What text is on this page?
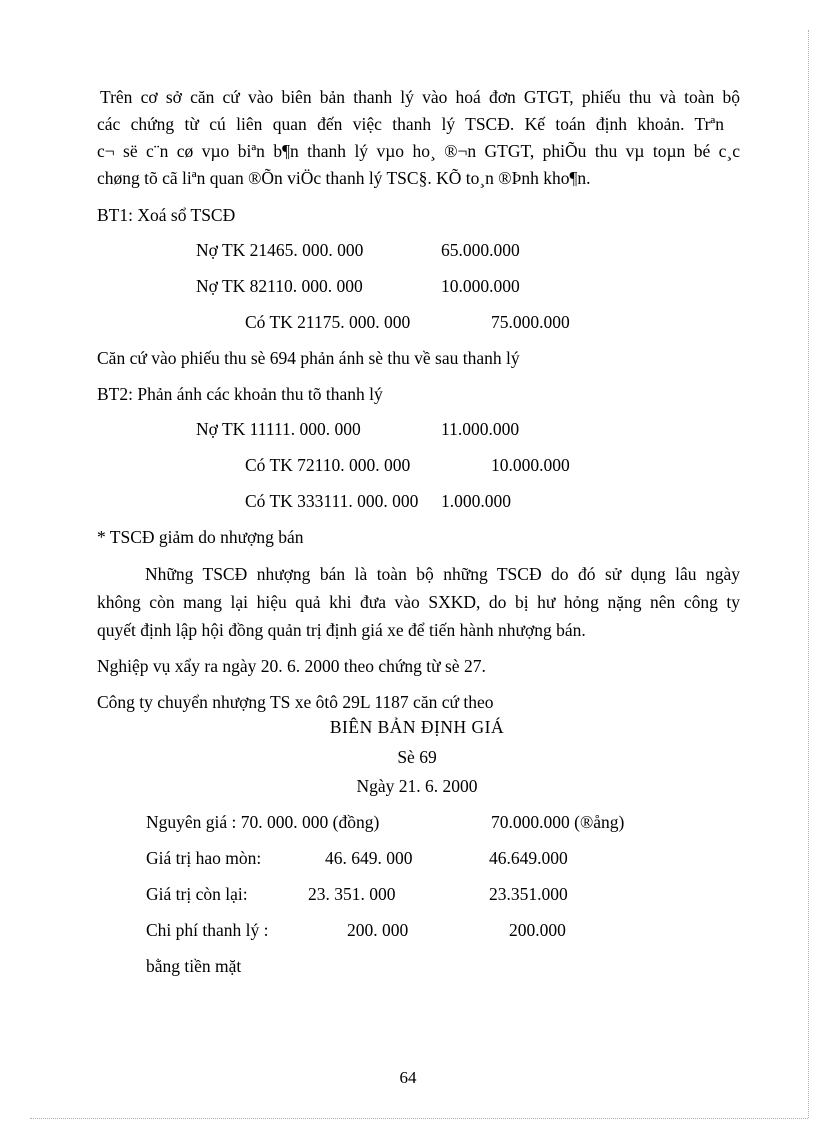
Trên cơ sở căn cứ vào biên bản thanh lý vào hoá đơn GTGT, phiếu thu và toàn bộ
các chứng từ cú liên quan đến việc thanh lý TSCĐ. Kế toán định khoản. Trªn
c¬ së c¨n cø vµo biªn b¶n thanh lý vµo ho¸ ®¬n GTGT, phiÕu thu vµ toµn bé c¸c
chøng tõ cã liªn quan ®Õn viÖc thanh lý TSC§. KÕ to¸n ®Þnh kho¶n.
BT1: Xoá sổ TSCĐ
Nợ TK 21465. 000. 000	65.000.000
Nợ TK 82110. 000. 000	10.000.000
Có TK 21175. 000. 000	75.000.000
Căn cứ vào phiếu thu sè 694 phản ánh sè thu về sau thanh lý
BT2: Phản ánh các khoản thu tõ thanh lý
Nợ TK 11111. 000. 000	11.000.000
Có TK 72110. 000. 000	10.000.000
Có TK 333111. 000. 000 1.000.000
* TSCĐ giảm do nhượng bán
Những TSCĐ nhượng bán là toàn bộ những TSCĐ do đó sử dụng lâu ngày
không còn mang lại hiệu quả khi đưa vào SXKD, do bị hư hỏng nặng nên công ty
quyết định lập hội đồng quản trị định giá xe để tiến hành nhượng bán.
Nghiệp vụ xẩy ra ngày 20. 6. 2000 theo chứng từ sè 27.
Công ty chuyển nhượng TS xe ôtô 29L 1187 căn cứ theo
BIÊN BẢN ĐỊNH GIÁ
Sè 69
Ngày 21. 6. 2000
Nguyên giá : 70. 000. 000 (đồng)	70.000.000 (®ång)
Giá trị hao mòn:	46. 649. 000	46.649.000
Giá trị còn lại:	23. 351. 000	23.351.000
Chi phí thanh lý :	200. 000	200.000
bằng tiền mặt
64
